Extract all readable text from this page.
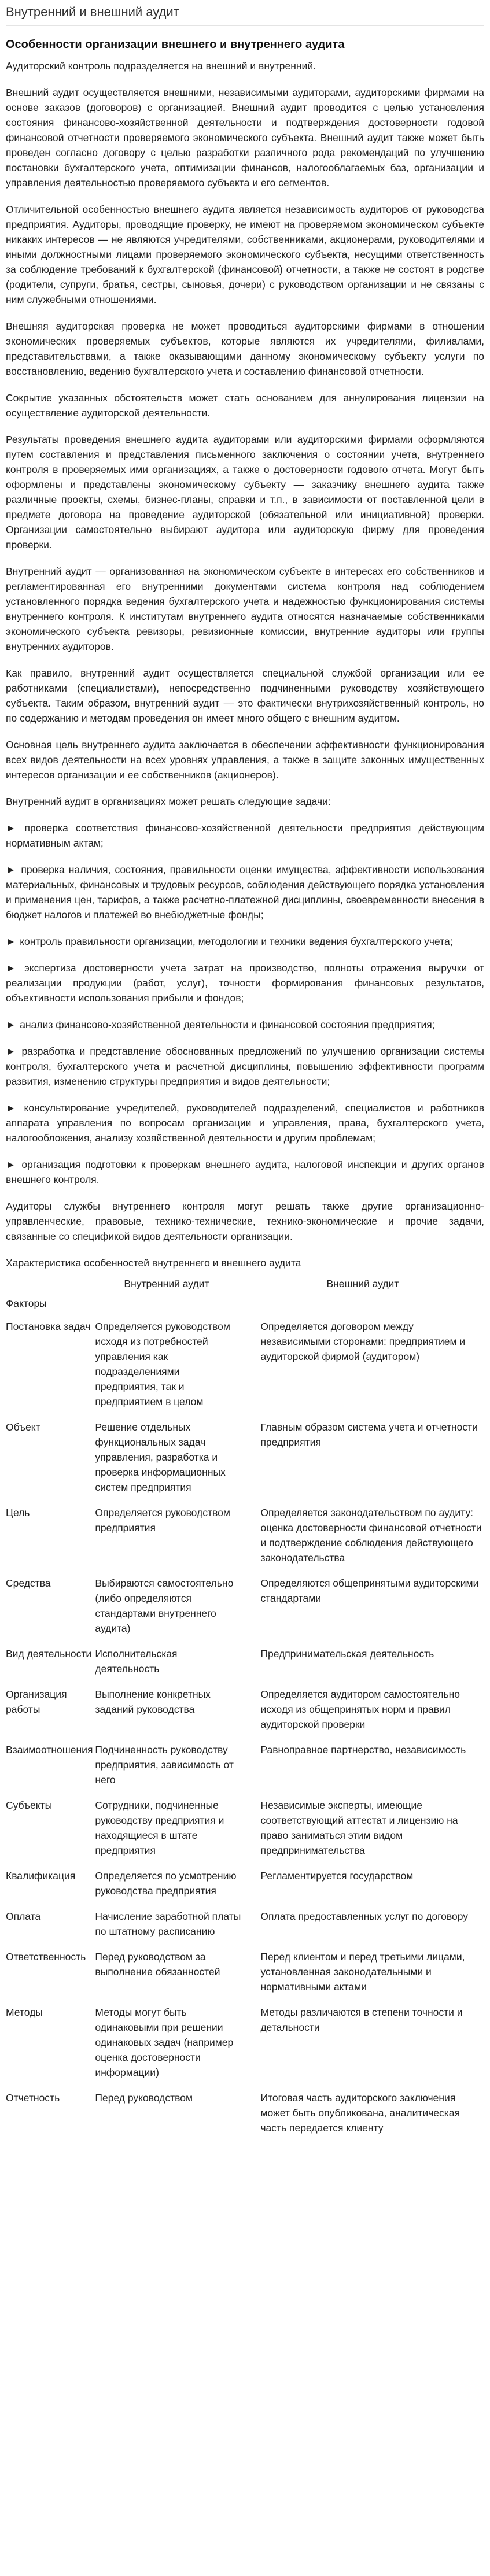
Внутренний и внешний аудит
Особенности организации внешнего и внутреннего аудита

Аудиторский контроль подразделяется на внешний и внутренний.

Внешний аудит осуществляется внешними, независимыми аудиторами, аудиторскими фирмами на основе заказов (договоров) с организацией. Внешний аудит проводится с целью установления состояния финансово-хозяйственной деятельности и подтверждения достоверности годовой финансовой отчетности проверяемого экономического субъекта. Внешний аудит также может быть проведен согласно договору с целью разработки различного рода рекомендаций по улучшению постановки бухгалтерского учета, оптимизации финансов, налогооблагаемых баз, организации и управления деятельностью проверяемого субъекта и его сегментов.

Отличительной особенностью внешнего аудита является независимость аудиторов от руководства предприятия. Аудиторы, проводящие проверку, не имеют на проверяемом экономическом субъекте никаких интересов — не являются учредителями, собственниками, акционерами, руководителями и иными должностными лицами проверяемого экономического субъекта, несущими ответственность за соблюдение требований к бухгалтерской (финансовой) отчетности, а также не состоят в родстве (родители, супруги, братья, сестры, сыновья, дочери) с руководством организации и не связаны с ним служебными отношениями.

Внешняя аудиторская проверка не может проводиться аудиторскими фирмами в отношении экономических проверяемых субъектов, которые являются их учредителями, филиалами, представительствами, а также оказывающими данному экономическому субъекту услуги по восстановлению, ведению бухгалтерского учета и составлению финансовой отчетности.

Сокрытие указанных обстоятельств может стать основанием для аннулирования лицензии на осуществление аудиторской деятельности.

Результаты проведения внешнего аудита аудиторами или аудиторскими фирмами оформляются путем составления и представления письменного заключения о состоянии учета, внутреннего контроля в проверяемых ими организациях, а также о достоверности годового отчета. Могут быть оформлены и представлены экономическому субъекту — заказчику внешнего аудита также различные проекты, схемы, бизнес-планы, справки и т.п., в зависимости от поставленной цели в предмете договора на проведение аудиторской (обязательной или инициативной) проверки. Организации самостоятельно выбирают аудитора или аудиторскую фирму для проведения проверки.

Внутренний аудит — организованная на экономическом субъекте в интересах его собственников и регламентированная его внутренними документами система контроля над соблюдением установленного порядка ведения бухгалтерского учета и надежностью функционирования системы внутреннего контроля. К институтам внутреннего аудита относятся назначаемые собственниками экономического субъекта ревизоры, ревизионные комиссии, внутренние аудиторы или группы внутренних аудиторов.

Как правило, внутренний аудит осуществляется специальной службой организации или ее работниками (специалистами), непосредственно подчиненными руководству хозяйствующего субъекта. Таким образом, внутренний аудит — это фактически внутрихозяйственный контроль, но по содержанию и методам проведения он имеет много общего с внешним аудитом.

Основная цель внутреннего аудита заключается в обеспечении эффективности функционирования всех видов деятельности на всех уровнях управления, а также в защите законных имущественных интересов организации и ее собственников (акционеров).

Внутренний аудит в организациях может решать следующие задачи:

► проверка соответствия финансово-хозяйственной деятельности предприятия действующим нормативным актам;

► проверка наличия, состояния, правильности оценки имущества, эффективности использования материальных, финансовых и трудовых ресурсов, соблюдения действующего порядка установления и применения цен, тарифов, а также расчетно-платежной дисциплины, своевременности внесения в бюджет налогов и платежей во внебюджетные фонды;

► контроль правильности организации, методологии и техники ведения бухгалтерского учета;

► экспертиза достоверности учета затрат на производство, полноты отражения выручки от реализации продукции (работ, услуг), точности формирования финансовых результатов, объективности использования прибыли и фондов;

► анализ финансово-хозяйственной деятельности и финансовой состояния предприятия;

► разработка и представление обоснованных предложений по улучшению организации системы контроля, бухгалтерского учета и расчетной дисциплины, повышению эффективности программ развития, изменению структуры предприятия и видов деятельности;

► консультирование учредителей, руководителей подразделений, специалистов и работников аппарата управления по вопросам организации и управления, права, бухгалтерского учета, налогообложения, анализу хозяйственной деятельности и другим проблемам;

► организация подготовки к проверкам внешнего аудита, налоговой инспекции и других органов внешнего контроля.

Аудиторы службы внутреннего контроля могут решать также другие организационно-управленческие, правовые, технико-технические, технико-экономические и прочие задачи, связанные со спецификой видов деятельности организации.

Характеристика особенностей внутреннего и внешнего аудита
	Внутренний аудит		Внешний аудит
Факторы			
Постановка задач	Определяется руководством исходя из потребностей управления как подразделениями предприятия, так и предприятием в целом		Определяется договором между независимыми сторонами: предприятием и аудиторской фирмой (аудитором)
Объект	Решение отдельных функциональных задач управления, разработка и проверка информационных систем предприятия		Главным образом система учета и отчетности предприятия
Цель	Определяется руководством предприятия		Определяется законодательством по аудиту: оценка достоверности финансовой отчетности и подтверждение соблюдения действующего законодательства
Средства	Выбираются самостоятельно (либо определяются стандартами внутреннего аудита)		Определяются общепринятыми аудиторскими стандартами
Вид деятельности	Исполнительская деятельность		Предпринимательская деятельность
Организация работы	Выполнение конкретных заданий руководства		Определяется аудитором самостоятельно исходя из общепринятых норм и правил аудиторской проверки
Взаимоотношения	Подчиненность руководству предприятия, зависимость от него		Равноправное партнерство, независимость
Субъекты	Сотрудники, подчиненные руководству предприятия и находящиеся в штате предприятия		Независимые эксперты, имеющие соответствующий аттестат и лицензию на право заниматься этим видом предпринимательства
Квалификация	Определяется по усмотрению руководства предприятия		Регламентируется государством
Оплата	Начисление заработной платы по штатному расписанию		Оплата предоставленных услуг по договору
Ответственность	Перед руководством за выполнение обязанностей		Перед клиентом и перед третьими лицами, установленная законодательными и нормативными актами
Методы	Методы могут быть одинаковыми при решении одинаковых задач (например оценка достоверности информации)		Методы различаются в степени точности и детальности
Отчетность	Перед руководством		Итоговая часть аудиторского заключения может быть опубликована, аналитическая часть передается клиенту
